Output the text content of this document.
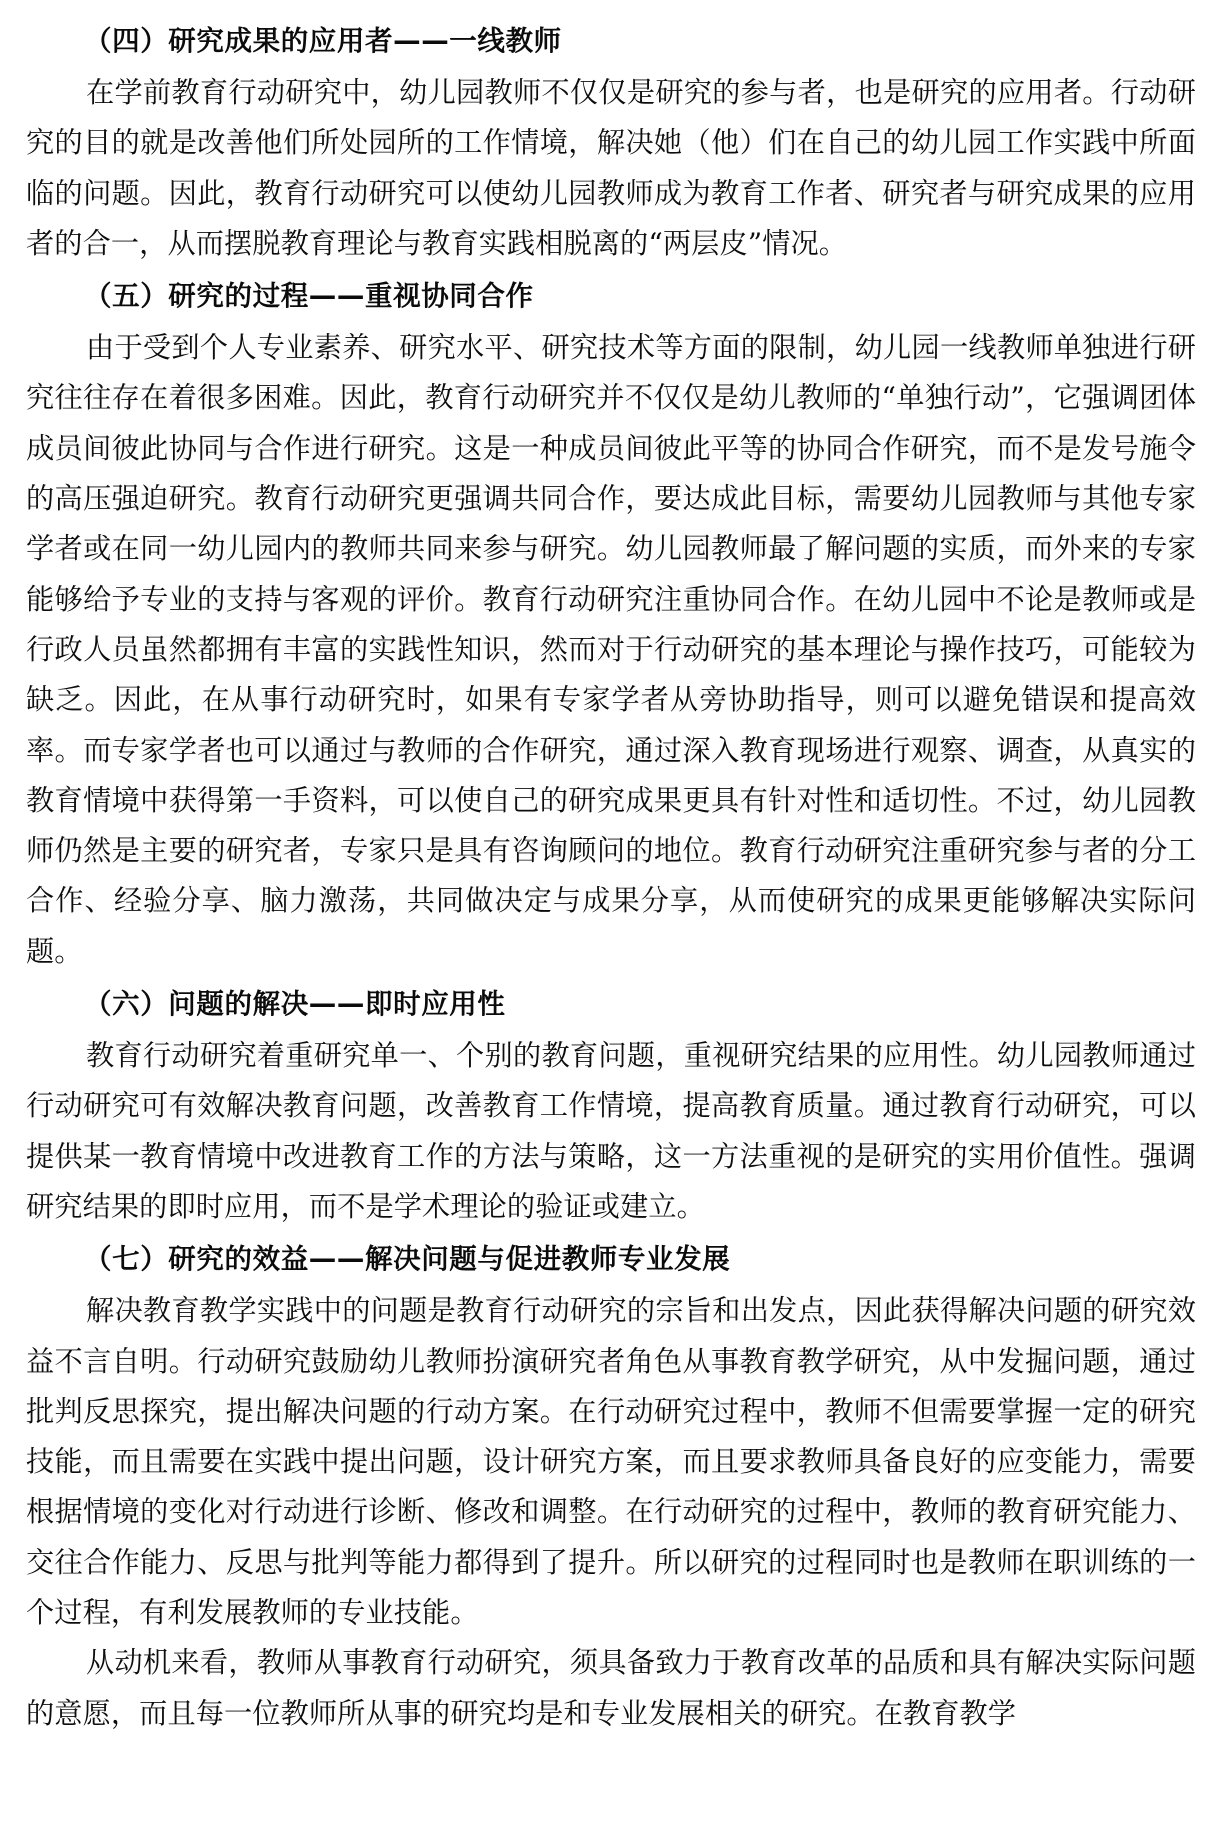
（四）研究成果的应用者——一线教师

在学前教育行动研究中，幼儿园教师不仅仅是研究的参与者，也是研究的应用者。行动研究的目的就是改善他们所处园所的工作情境，解决她（他）们在自己的幼儿园工作实践中所面临的问题。因此，教育行动研究可以使幼儿园教师成为教育工作者、研究者与研究成果的应用者的合一，从而摆脱教育理论与教育实践相脱离的“两层皮”情况。

（五）研究的过程——重视协同合作

由于受到个人专业素养、研究水平、研究技术等方面的限制，幼儿园一线教师单独进行研究往往存在着很多困难。因此，教育行动研究并不仅仅是幼儿教师的“单独行动”，它强调团体成员间彼此协同与合作进行研究。这是一种成员间彼此平等的协同合作研究，而不是发号施令的高压强迫研究。教育行动研究更强调共同合作，要达成此目标，需要幼儿园教师与其他专家学者或在同一幼儿园内的教师共同来参与研究。幼儿园教师最了解问题的实质，而外来的专家能够给予专业的支持与客观的评价。教育行动研究注重协同合作。在幼儿园中不论是教师或是行政人员虽然都拥有丰富的实践性知识，然而对于行动研究的基本理论与操作技巧，可能较为缺乏。因此，在从事行动研究时，如果有专家学者从旁协助指导，则可以避免错误和提高效率。而专家学者也可以通过与教师的合作研究，通过深入教育现场进行观察、调查，从真实的教育情境中获得第一手资料，可以使自己的研究成果更具有针对性和适切性。不过，幼儿园教师仍然是主要的研究者，专家只是具有咨询顾问的地位。教育行动研究注重研究参与者的分工合作、经验分享、脑力激荡，共同做决定与成果分享，从而使研究的成果更能够解决实际问题。

（六）问题的解决——即时应用性

教育行动研究着重研究单一、个别的教育问题，重视研究结果的应用性。幼儿园教师通过行动研究可有效解决教育问题，改善教育工作情境，提高教育质量。通过教育行动研究，可以提供某一教育情境中改进教育工作的方法与策略，这一方法重视的是研究的实用价值性。强调研究结果的即时应用，而不是学术理论的验证或建立。

（七）研究的效益——解决问题与促进教师专业发展

解决教育教学实践中的问题是教育行动研究的宗旨和出发点，因此获得解决问题的研究效益不言自明。行动研究鼓励幼儿教师扮演研究者角色从事教育教学研究，从中发掘问题，通过批判反思探究，提出解决问题的行动方案。在行动研究过程中，教师不但需要掌握一定的研究技能，而且需要在实践中提出问题，设计研究方案，而且要求教师具备良好的应变能力，需要根据情境的变化对行动进行诊断、修改和调整。在行动研究的过程中，教师的教育研究能力、交往合作能力、反思与批判等能力都得到了提升。所以研究的过程同时也是教师在职训练的一个过程，有利发展教师的专业技能。

从动机来看，教师从事教育行动研究，须具备致力于教育改革的品质和具有解决实际问题的意愿，而且每一位教师所从事的研究均是和专业发展相关的研究。在教育教学
